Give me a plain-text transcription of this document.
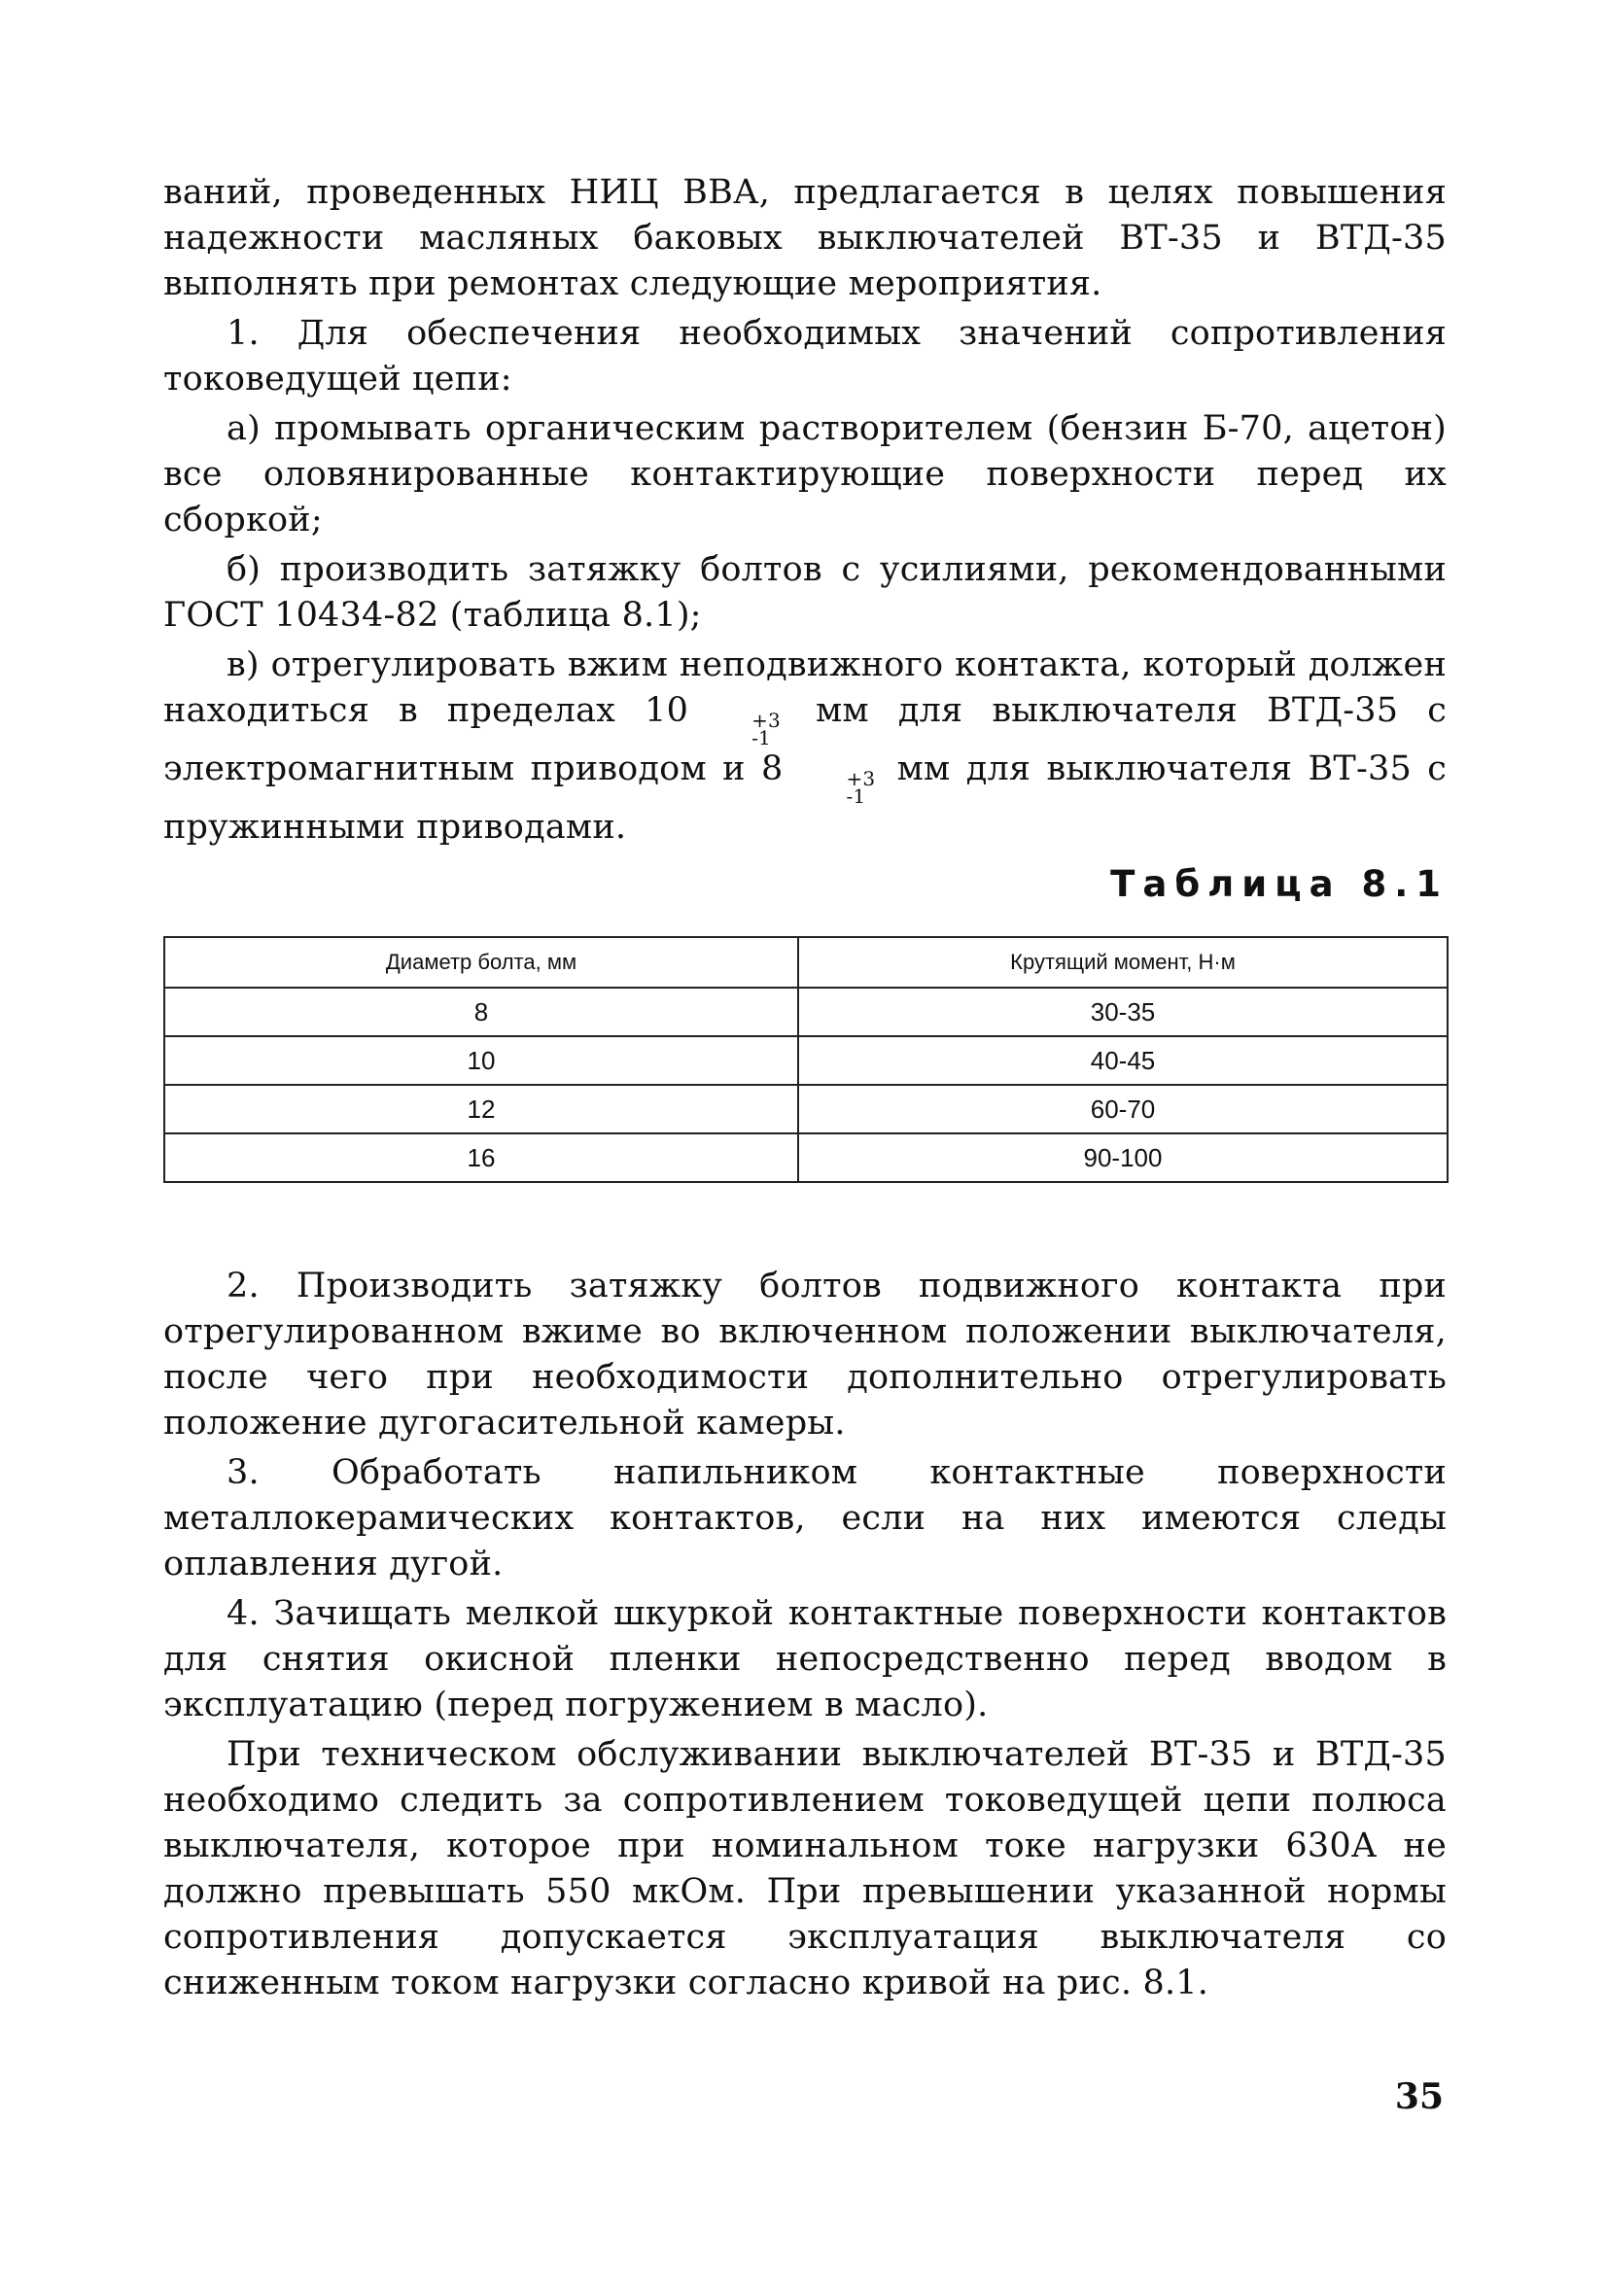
ваний, проведенных НИЦ ВВА, предлагается в целях повышения надежности масляных баковых выключателей ВТ-35 и ВТД-35 выполнять при ремонтах следующие мероприятия.

1. Для обеспечения необходимых значений сопротивления токоведущей цепи:

а) промывать органическим растворителем (бензин Б-70, ацетон) все оловянированные контактирующие поверхности перед их сборкой;

б) производить затяжку болтов с усилиями, рекомендованными ГОСТ 10434-82 (таблица 8.1);

в) отрегулировать вжим неподвижного контакта, который должен находиться в пределах 10	+3
-1
мм для выключателя ВТД-35 с электромагнитным приводом и 8	+3
-1
мм для выключателя ВТ-35 с пружинными приводами.

Таблица 8.1
Диаметр болта, мм	Крутящий момент, Н·м
8	30-35
10	40-45
12	60-70
16	90-100

2. Производить затяжку болтов подвижного контакта при отрегулированном вжиме во включенном положении выключателя, после чего при необходимости дополнительно отрегулировать положение дугогасительной камеры.

3. Обработать напильником контактные поверхности металлокерамических контактов, если на них имеются следы оплавления дугой.

4. Зачищать мелкой шкуркой контактные поверхности контактов для снятия окисной пленки непосредственно перед вводом в эксплуатацию (перед погружением в масло).

При техническом обслуживании выключателей ВТ-35 и ВТД-35 необходимо следить за сопротивлением токоведущей цепи полюса выключателя, которое при номинальном токе нагрузки 630А не должно превышать 550 мкОм. При превышении указанной нормы сопротивления допускается эксплуатация выключателя со сниженным током нагрузки согласно кривой на рис. 8.1.

35
